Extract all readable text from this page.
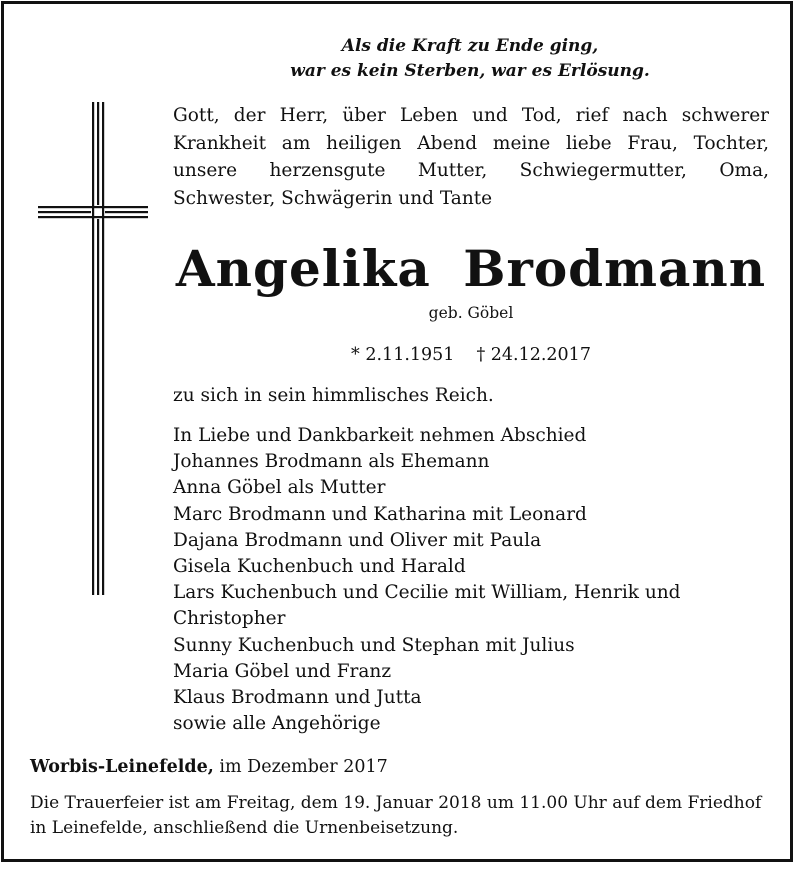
Als die Kraft zu Ende ging,
war es kein Sterben, war es Erlösung.
Gott, der Herr, über Leben und Tod, rief nach schwerer
Krankheit am heiligen Abend meine liebe Frau, Tochter,
unsere herzensgute Mutter, Schwiegermutter, Oma,
Schwester, Schwägerin und Tante
Angelika Brodmann
geb. Göbel
* 2.11.1951 † 24.12.2017
zu sich in sein himmlisches Reich.
In Liebe und Dankbarkeit nehmen Abschied
Johannes Brodmann als Ehemann
Anna Göbel als Mutter
Marc Brodmann und Katharina mit Leonard
Dajana Brodmann und Oliver mit Paula
Gisela Kuchenbuch und Harald
Lars Kuchenbuch und Cecilie mit William, Henrik und
Christopher
Sunny Kuchenbuch und Stephan mit Julius
Maria Göbel und Franz
Klaus Brodmann und Jutta
sowie alle Angehörige
Worbis-Leinefelde, im Dezember 2017
Die Trauerfeier ist am Freitag, dem 19. Januar 2018 um 11.00 Uhr auf dem Friedhof
in Leinefelde, anschließend die Urnenbeisetzung.
